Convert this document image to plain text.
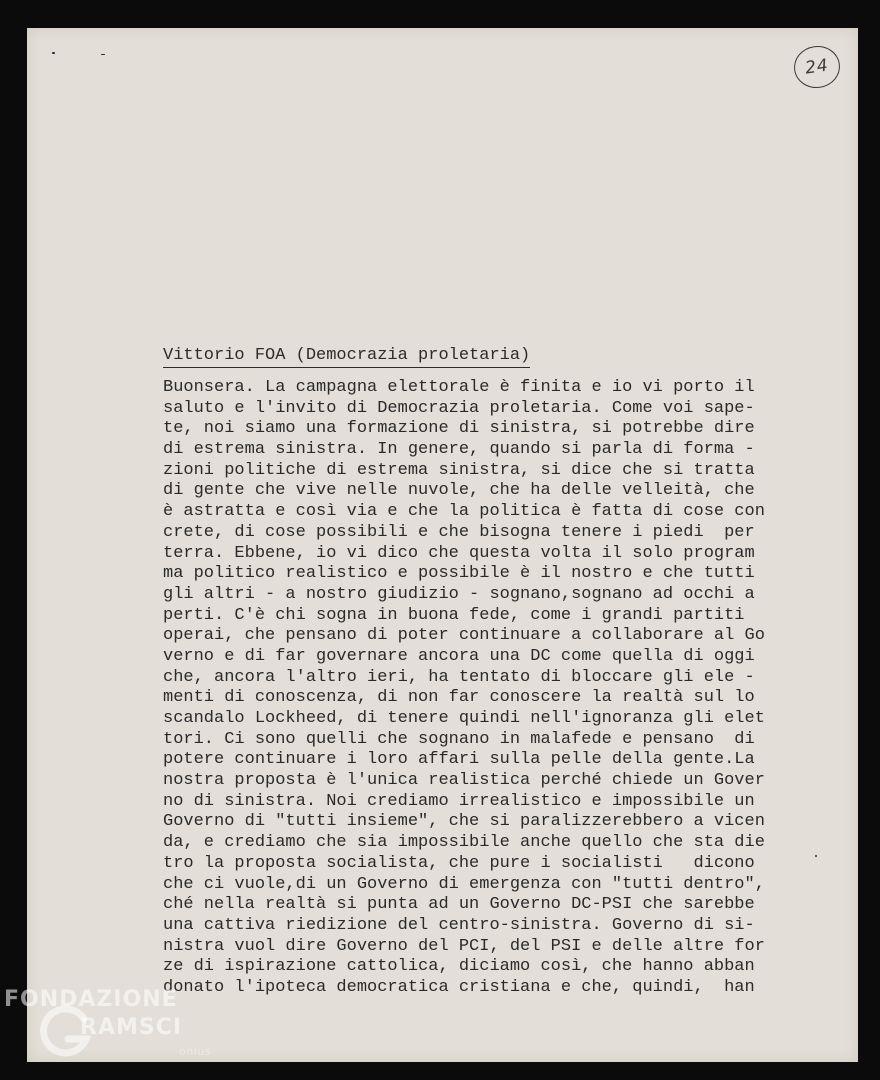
24
Vittorio FOA (Democrazia proletaria)
Buonsera. La campagna elettorale è finita e io vi porto il
saluto e l'invito di Democrazia proletaria. Come voi sape-
te, noi siamo una formazione di sinistra, si potrebbe dire
di estrema sinistra. In genere, quando si parla di forma -
zioni politiche di estrema sinistra, si dice che si tratta
di gente che vive nelle nuvole, che ha delle velleità, che
è astratta e così via e che la politica è fatta di cose con
crete, di cose possibili e che bisogna tenere i piedi  per
terra. Ebbene, io vi dico che questa volta il solo program
ma politico realistico e possibile è il nostro e che tutti
gli altri - a nostro giudizio - sognano,sognano ad occhi a
perti. C'è chi sogna in buona fede, come i grandi partiti
operai, che pensano di poter continuare a collaborare al Go
verno e di far governare ancora una DC come quella di oggi
che, ancora l'altro ieri, ha tentato di bloccare gli ele -
menti di conoscenza, di non far conoscere la realtà sul lo
scandalo Lockheed, di tenere quindi nell'ignoranza gli elet
tori. Ci sono quelli che sognano in malafede e pensano  di
potere continuare i loro affari sulla pelle della gente.La
nostra proposta è l'unica realistica perché chiede un Gover
no di sinistra. Noi crediamo irrealistico e impossibile un
Governo di "tutti insieme", che si paralizzerebbero a vicen
da, e crediamo che sia impossibile anche quello che sta die
tro la proposta socialista, che pure i socialisti   dicono
che ci vuole,di un Governo di emergenza con "tutti dentro",
ché nella realtà si punta ad un Governo DC-PSI che sarebbe
una cattiva riedizione del centro-sinistra. Governo di si-
nistra vuol dire Governo del PCI, del PSI e delle altre for
ze di ispirazione cattolica, diciamo così, che hanno abban
donato l'ipoteca democratica cristiana e che, quindi,  han
FONDAZIONE
RAMSCI
onlus
